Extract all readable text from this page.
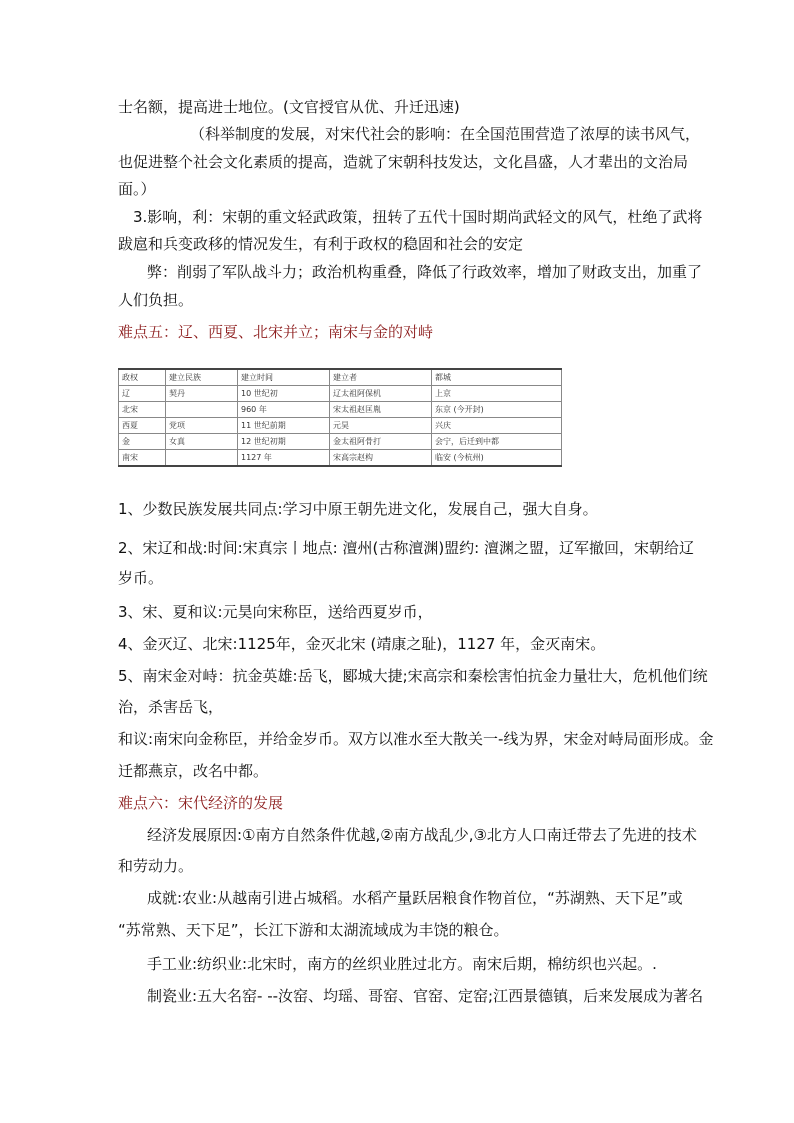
士名额，提高进士地位。(文官授官从优、升迁迅速)
（科举制度的发展，对宋代社会的影响：在全国范围营造了浓厚的读书风气，
也促进整个社会文化素质的提高，造就了宋朝科技发达，文化昌盛，人才辈出的文治局
面。）
3.影响，利：宋朝的重文轻武政策，扭转了五代十国时期尚武轻文的风气，杜绝了武将
跋扈和兵变政移的情况发生，有利于政权的稳固和社会的安定
弊：削弱了军队战斗力；政治机构重叠，降低了行政效率，增加了财政支出，加重了
人们负担。
难点五：辽、西夏、北宋并立；南宋与金的对峙
政权	建立民族	建立时间	建立者	都城
辽	契丹	10 世纪初	辽太祖阿保机	上京
北宋		960 年	宋太祖赵匡胤	东京 (今开封)
西夏	党项	11 世纪前期	元昊	兴庆
金	女真	12 世纪初期	金太祖阿骨打	会宁，后迁到中都
南宋		1127 年	宋高宗赵构	临安 (今杭州)
1、少数民族发展共同点:学习中原王朝先进文化，发展自己，强大自身。
2、宋辽和战:时间:宋真宗丨地点: 澶州(古称澶渊)盟约: 澶渊之盟，辽军撤回，宋朝给辽
岁币。
3、宋、夏和议:元昊向宋称臣，送给西夏岁币，
4、金灭辽、北宋:1125年，金灭北宋 (靖康之耻)，1127 年，金灭南宋。
5、南宋金对峙：抗金英雄:岳飞，郾城大捷;宋高宗和秦桧害怕抗金力量壮大，危机他们统
治，杀害岳飞，
和议:南宋向金称臣，并给金岁币。双方以准水至大散关一-线为界，宋金对峙局面形成。金
迁都燕京，改名中都。
难点六：宋代经济的发展
经济发展原因:①南方自然条件优越,②南方战乱少,③北方人口南迁带去了先进的技术
和劳动力。
成就:农业:从越南引进占城稻。水稻产量跃居粮食作物首位，“苏湖熟、天下足”或
“苏常熟、天下足”，长江下游和太湖流域成为丰饶的粮仓。
手工业:纺织业:北宋时，南方的丝织业胜过北方。南宋后期，棉纺织也兴起。.
制瓷业:五大名窑- --汝窑、均瑶、哥窑、官窑、定窑;江西景德镇，后来发展成为著名
